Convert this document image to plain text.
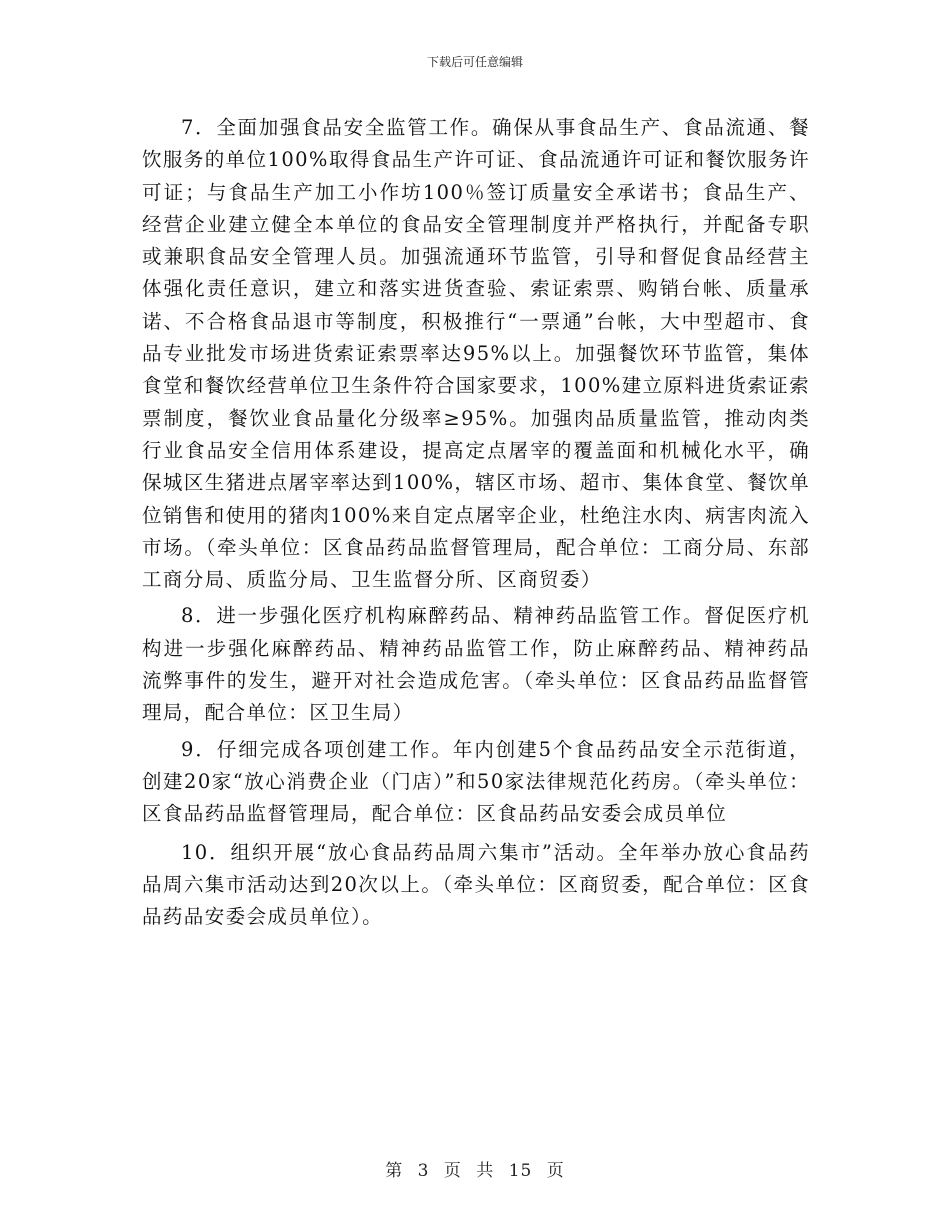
下载后可任意编辑

7．全面加强食品安全监管工作。确保从事食品生产、食品流通、餐饮服务的单位100%取得食品生产许可证、食品流通许可证和餐饮服务许可证；与食品生产加工小作坊100％签订质量安全承诺书；食品生产、经营企业建立健全本单位的食品安全管理制度并严格执行，并配备专职或兼职食品安全管理人员。加强流通环节监管，引导和督促食品经营主体强化责任意识，建立和落实进货查验、索证索票、购销台帐、质量承诺、不合格食品退市等制度，积极推行“一票通”台帐，大中型超市、食品专业批发市场进货索证索票率达95%以上。加强餐饮环节监管，集体食堂和餐饮经营单位卫生条件符合国家要求，100%建立原料进货索证索票制度，餐饮业食品量化分级率≥95%。加强肉品质量监管，推动肉类行业食品安全信用体系建设，提高定点屠宰的覆盖面和机械化水平，确保城区生猪进点屠宰率达到100%，辖区市场、超市、集体食堂、餐饮单位销售和使用的猪肉100%来自定点屠宰企业，杜绝注水肉、病害肉流入市场。（牵头单位：区食品药品监督管理局，配合单位：工商分局、东部工商分局、质监分局、卫生监督分所、区商贸委）

8．进一步强化医疗机构麻醉药品、精神药品监管工作。督促医疗机构进一步强化麻醉药品、精神药品监管工作，防止麻醉药品、精神药品流弊事件的发生，避开对社会造成危害。（牵头单位：区食品药品监督管理局，配合单位：区卫生局）

9．仔细完成各项创建工作。年内创建5个食品药品安全示范街道，创建20家“放心消费企业（门店）”和50家法律规范化药房。（牵头单位：区食品药品监督管理局，配合单位：区食品药品安委会成员单位

10．组织开展“放心食品药品周六集市”活动。全年举办放心食品药品周六集市活动达到20次以上。（牵头单位：区商贸委，配合单位：区食品药品安委会成员单位）。

第 3 页 共 15 页
